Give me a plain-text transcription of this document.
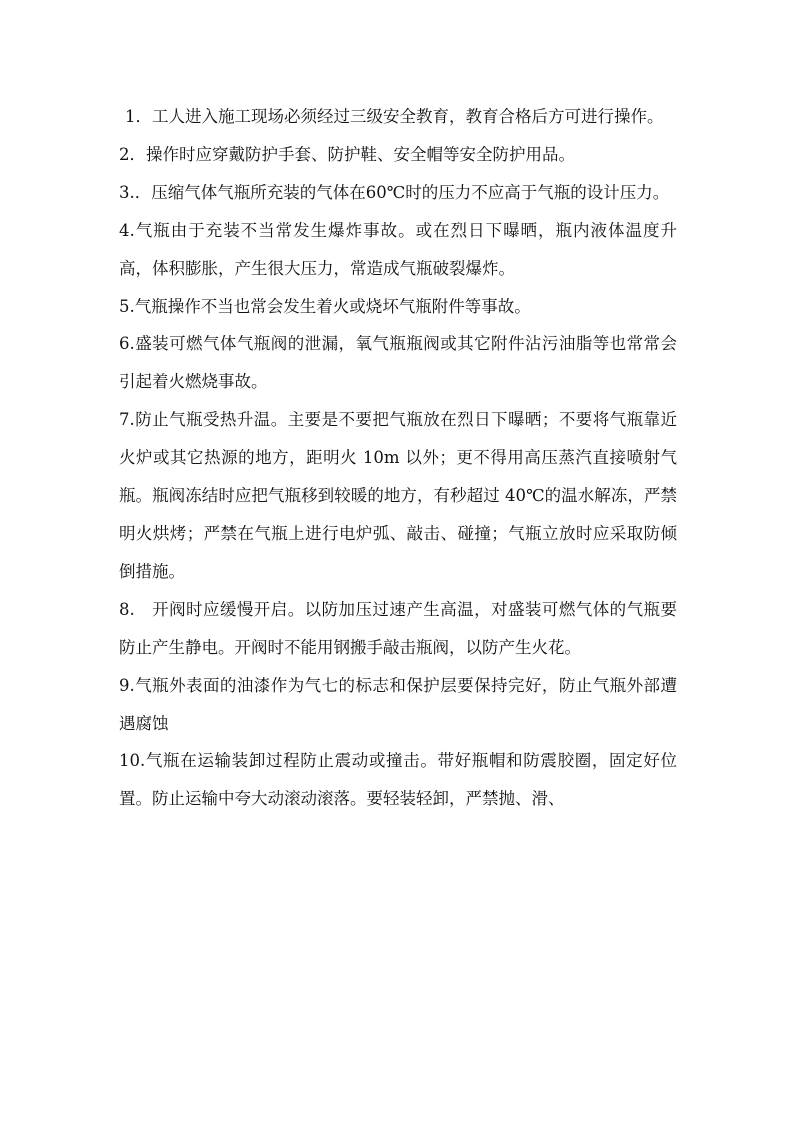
1．工人进入施工现场必须经过三级安全教育，教育合格后方可进行操作。

2．操作时应穿戴防护手套、防护鞋、安全帽等安全防护用品。

3.．压缩气体气瓶所充装的气体在60℃时的压力不应高于气瓶的设计压力。

4.气瓶由于充装不当常发生爆炸事故。或在烈日下曝晒，瓶内液体温度升高，体积膨胀，产生很大压力，常造成气瓶破裂爆炸。

5.气瓶操作不当也常会发生着火或烧坏气瓶附件等事故。

6.盛装可燃气体气瓶阀的泄漏，氧气瓶瓶阀或其它附件沾污油脂等也常常会引起着火燃烧事故。

7.防止气瓶受热升温。主要是不要把气瓶放在烈日下曝晒；不要将气瓶靠近火炉或其它热源的地方，距明火 10m 以外；更不得用高压蒸汽直接喷射气瓶。瓶阀冻结时应把气瓶移到较暖的地方，有秒超过 40℃的温水解冻，严禁明火烘烤；严禁在气瓶上进行电炉弧、敲击、碰撞；气瓶立放时应采取防倾倒措施。

8.　开阀时应缓慢开启。以防加压过速产生高温，对盛装可燃气体的气瓶要防止产生静电。开阀时不能用钢搬手敲击瓶阀，以防产生火花。

9.气瓶外表面的油漆作为气七的标志和保护层要保持完好，防止气瓶外部遭遇腐蚀

10.气瓶在运输装卸过程防止震动或撞击。带好瓶帽和防震胶圈，固定好位置。防止运输中夸大动滚动滚落。要轻装轻卸，严禁抛、滑、
